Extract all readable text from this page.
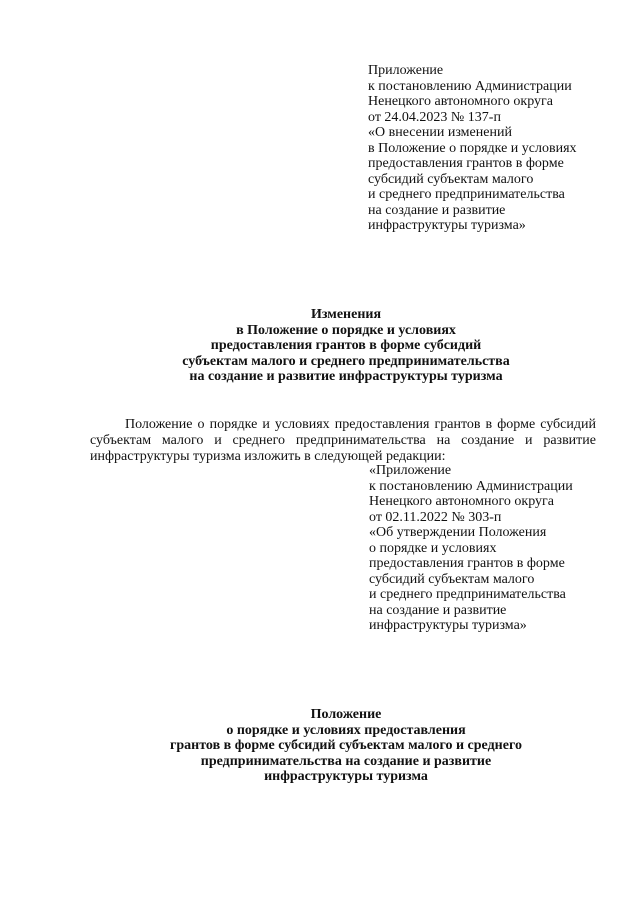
Приложение
к постановлению Администрации
Ненецкого автономного округа
от 24.04.2023 № 137-п
«О внесении изменений
в Положение о порядке и условиях
предоставления грантов в форме
субсидий субъектам малого
и среднего предпринимательства
на создание и развитие
инфраструктуры туризма»
Изменения
в Положение о порядке и условиях
предоставления грантов в форме субсидий
субъектам малого и среднего предпринимательства
на создание и развитие инфраструктуры туризма
Положение о порядке и условиях предоставления грантов в форме субсидий
субъектам малого и среднего предпринимательства на создание и развитие
инфраструктуры туризма изложить в следующей редакции:
«Приложение
к постановлению Администрации
Ненецкого автономного округа
от 02.11.2022 № 303-п
«Об утверждении Положения
о порядке и условиях
предоставления грантов в форме
субсидий субъектам малого
и среднего предпринимательства
на создание и развитие
инфраструктуры туризма»
Положение
о порядке и условиях предоставления
грантов в форме субсидий субъектам малого и среднего
предпринимательства на создание и развитие
инфраструктуры туризма
